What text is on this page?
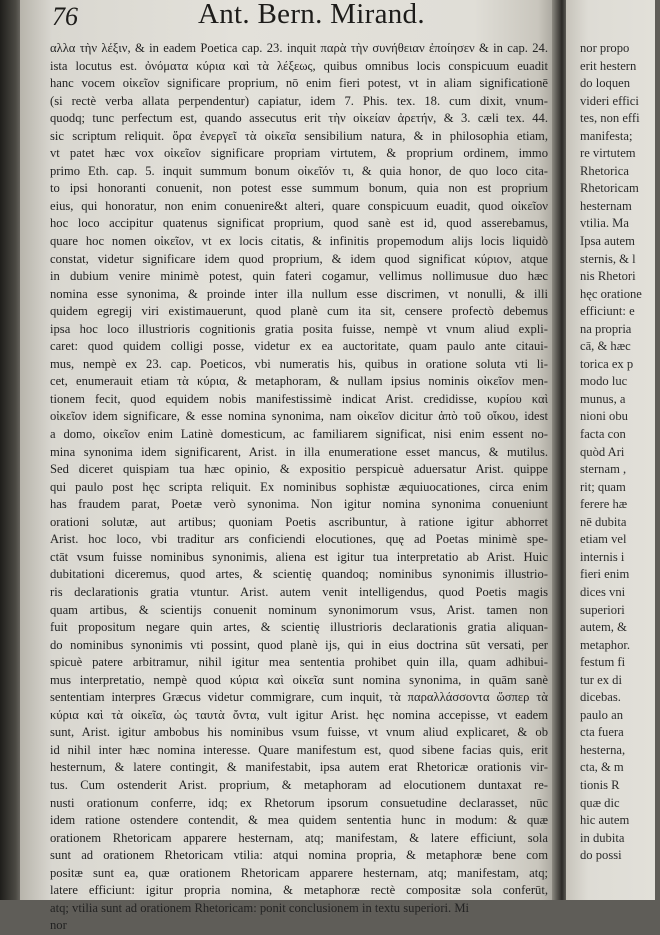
76	Ant. Bern. Mirand.
αλλα τὴν λέξιν, & in eadem Poetica cap. 23. inquit παρὰ τὴν συνήθειαν ἐποίησεν & in cap. 24.
ista locutus est. ὀνόματα κύρια καὶ τὰ λέξεως, quibus omnibus locis conspicuum euadit
hanc vocem οἰκεῖον significare proprium, nō enim fieri potest, vt in aliam significationē
(si rectè verba allata perpendentur) capiatur, idem 7. Phis. tex. 18. cum dixit, vnum-
quodq; tunc perfectum est, quando assecutus erit τὴν οἰκείαν ἀρετήν, & 3. cæli tex. 44.
sic scriptum reliquit. ὅρα ἐνεργεῖ τὰ οἰκεῖα sensibilium natura, & in philosophia etiam,
vt patet hæc vox οἰκεῖον significare propriam virtutem, & proprium ordinem, immo
primo Eth. cap. 5. inquit summum bonum οἰκεῖόν τι, & quia honor, de quo loco cita-
to ipsi honoranti conuenit, non potest esse summum bonum, quia non est proprium
eius, qui honoratur, non enim conuenire&t alteri, quare conspicuum euadit, quod οἰκεῖον
hoc loco accipitur quatenus significat proprium, quod sanè est id, quod asserebamus,
quare hoc nomen οἰκεῖον, vt ex locis citatis, & infinitis propemodum alijs locis liquidò
constat, videtur significare idem quod proprium, & idem quod significat κύριον, atque
in dubium venire minimè potest, quin fateri cogamur, vellimus nollimusue duo hæc
nomina esse synonima, & proinde inter illa nullum esse discrimen, vt nonulli, & illi
quidem egregij viri existimauerunt, quod planè cum ita sit, censere profectò debemus
ipsa hoc loco illustrioris cognitionis gratia posita fuisse, nempè vt vnum aliud expli-
caret: quod quidem colligi posse, videtur ex ea auctoritate, quam paulo ante citaui-
mus, nempè ex 23. cap. Poeticos, vbi numeratis his, quibus in oratione soluta vti li-
cet, enumerauit etiam τὰ κύρια, & metaphoram, & nullam ipsius nominis οἰκεῖον men-
tionem fecit, quod equidem nobis manifestissimè indicat Arist. credidisse, κυρίου καὶ
οἰκεῖον idem significare, & esse nomina synonima, nam οἰκεῖον dicitur ἀπὸ τοῦ οἴκου, idest
a domo, οἰκεῖον enim Latinè domesticum, ac familiarem significat, nisi enim essent no-
mina synonima idem significarent, Arist. in illa enumeratione esset mancus, & mutilus.
Sed diceret quispiam tua hæc opinio, & expositio perspicuè aduersatur Arist. quippe
qui paulo post hęc scripta reliquit. Ex nominibus sophistæ æquiuocationes, circa enim
has fraudem parat, Poetæ verò synonima. Non igitur nomina synonima conueniunt
orationi solutæ, aut artibus; quoniam Poetis ascribuntur, à ratione igitur abhorret
Arist. hoc loco, vbi traditur ars conficiendi elocutiones, quę ad Poetas minimè spe-
ctāt vsum fuisse nominibus synonimis, aliena est igitur tua interpretatio ab Arist. Huic
dubitationi diceremus, quod artes, & scientię quandoq; nominibus synonimis illustrio-
ris declarationis gratia vtuntur. Arist. autem venit intelligendus, quod Poetis magis
quam artibus, & scientijs conuenit nominum synonimorum vsus, Arist. tamen non
fuit propositum negare quin artes, & scientię illustrioris declarationis gratia aliquan-
do nominibus synonimis vti possint, quod planè ijs, qui in eius doctrina sūt versati, per
spicuè patere arbitramur, nihil igitur mea sententia prohibet quin illa, quam adhibui-
mus interpretatio, nempè quod κύρια καὶ οἰκεῖα sunt nomina synonima, in quām sanè
sententiam interpres Græcus videtur commigrare, cum inquit, τὰ παραλλάσσοντα ὥσπερ τὰ
κύρια καὶ τὰ οἰκεῖα, ὡς ταυτὰ ὄντα, vult igitur Arist. hęc nomina accepisse, vt eadem
sunt, Arist. igitur ambobus his nominibus vsum fuisse, vt vnum aliud explicaret, & ob
id nihil inter hæc nomina interesse. Quare manifestum est, quod sibene facias quis, erit
hesternum, & latere contingit, & manifestabit, ipsa autem erat Rhetoricæ orationis vir-
tus. Cum ostenderit Arist. proprium, & metaphoram ad elocutionem duntaxat re-
nusti orationum conferre, idq; ex Rhetorum ipsorum consuetudine declarasset, nūc
idem ratione ostendere contendit, & mea quidem sententia hunc in modum: & quæ
orationem Rhetoricam apparere hesternam, atq; manifestam, & latere efficiunt, sola
sunt ad orationem Rhetoricam vtilia: atqui nomina propria, & metaphoræ bene com
positæ sunt ea, quæ orationem Rhetoricam apparere hesternam, atq; manifestam, atq;
latere efficiunt: igitur propria nomina, & metaphoræ rectè compositæ sola conferūt,
atq; vtilia sunt ad orationem Rhetoricam: ponit conclusionem in textu superiori. Mi
nor
nor propo
erit hestern
do loquen
videri effici
tes, non effi
manifesta;
re virtutem
Rhetorica
Rhetoricam
hesternam
vtilia. Ma
Ipsa autem
sternis, & l
nis Rhetori
hęc oratione
efficiunt: e
na propria
cā, & hæc
torica ex p
modo luc
munus, a
nioni obu
facta con
quòd Ari
sternam ,
rit; quam
ferere hæ
nē dubita
etiam vel
internis i
fieri enim
dices vni
superiori
autem, &
metaphor.
festum fi
tur ex di
dicebas.
paulo an
cta fuera
hesterna,
cta, & m
tionis R
quæ dic
hic autem
in dubita
do possi
